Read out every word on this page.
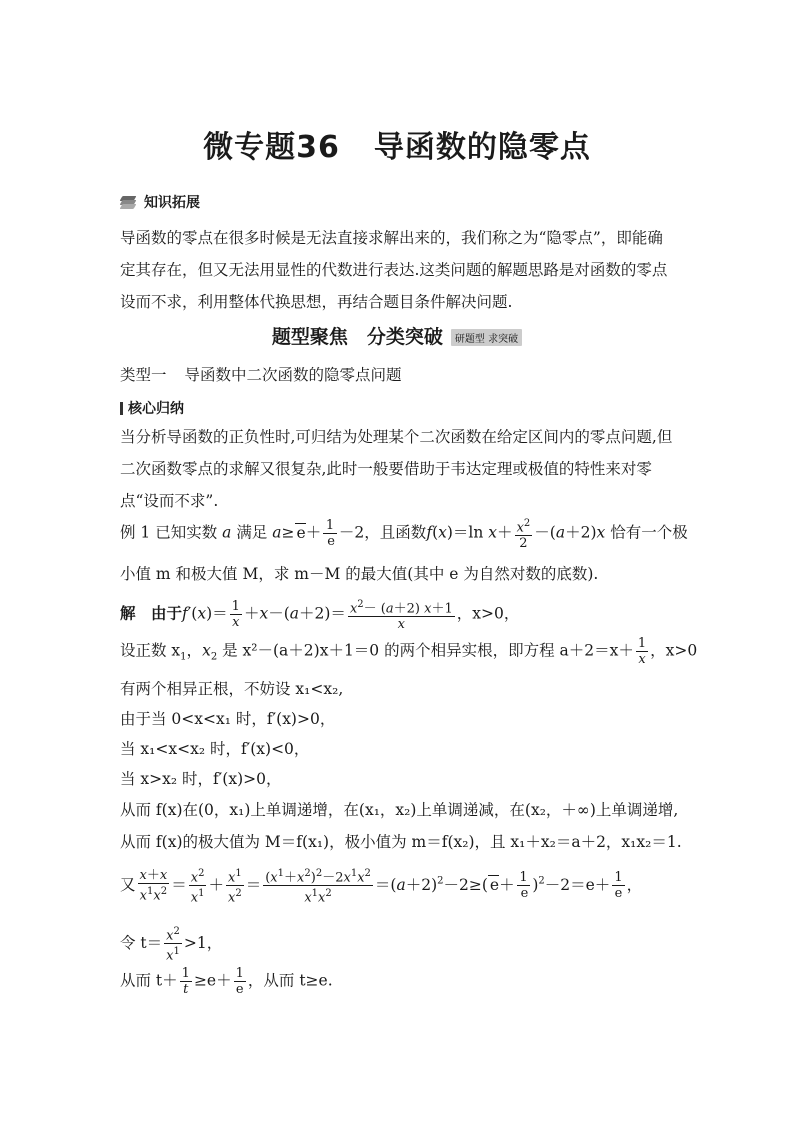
微专题36 导函数的隐零点
知识拓展
导函数的零点在很多时候是无法直接求解出来的，我们称之为“隐零点”，即能确定其存在，但又无法用显性的代数进行表达.这类问题的解题思路是对函数的零点设而不求，利用整体代换思想，再结合题目条件解决问题.
题型聚焦　分类突破 研题型 求突破
类型一 导函数中二次函数的隐零点问题
核心归纳
当分析导函数的正负性时,可归结为处理某个二次函数在给定区间内的零点问题,但二次函数零点的求解又很复杂,此时一般要借助于韦达定理或极值的特性来对零点“设而不求”.
例 1 已知实数 a 满足 $a\ge e+ \frac{1}{e} -2$，且函数f(x)＝ln $x+ \frac{x^2}{2} -(a+2)x$ 恰有一个极
小值 m 和极大值 M，求 m－M 的最大值(其中 e 为自然对数的底数).
解　由于$f'(x)= \frac{1}{x} +x-(a+2)= \frac{x^2- (a+2) x+1}{x}$ ，x>0，
设正数 $x_1$，$x_2$ 是 x²－(a＋2)x＋1＝0 的两个相异实根，即方程 $a+2=x+ \frac{1}{x}$ ，x>0
有两个相异正根，不妨设 x₁<x₂,
由于当 0<x<x₁ 时，f′(x)>0，
当 x₁<x<x₂ 时，f′(x)<0，
当 x>x₂ 时，f′(x)>0，
从而 f(x)在(0，x₁)上单调递增，在(x₁，x₂)上单调递减，在(x₂，＋∞)上单调递增,
从而 f(x)的极大值为 M＝f(x₁)，极小值为 m＝f(x₂)，且 x₁＋x₂＝a＋2，x₁x₂＝1.
又 $\frac{x+x}{x^1x^2} = \frac{x^2}{x^1} + \frac{x^1}{x^2} = \frac{(x^1+x^2)^2-2x^1x^2}{x^1x^2} =(a+2)^2-2\ge$( $e+ \frac{1}{e} )^2-2=e+ \frac{1}{e}$ ，
令 $t= \frac{x^2}{x^1} >1$，
从而 $t+ \frac{1}{t} \ge e+ \frac{1}{e}$ ，从而 t≥e.
